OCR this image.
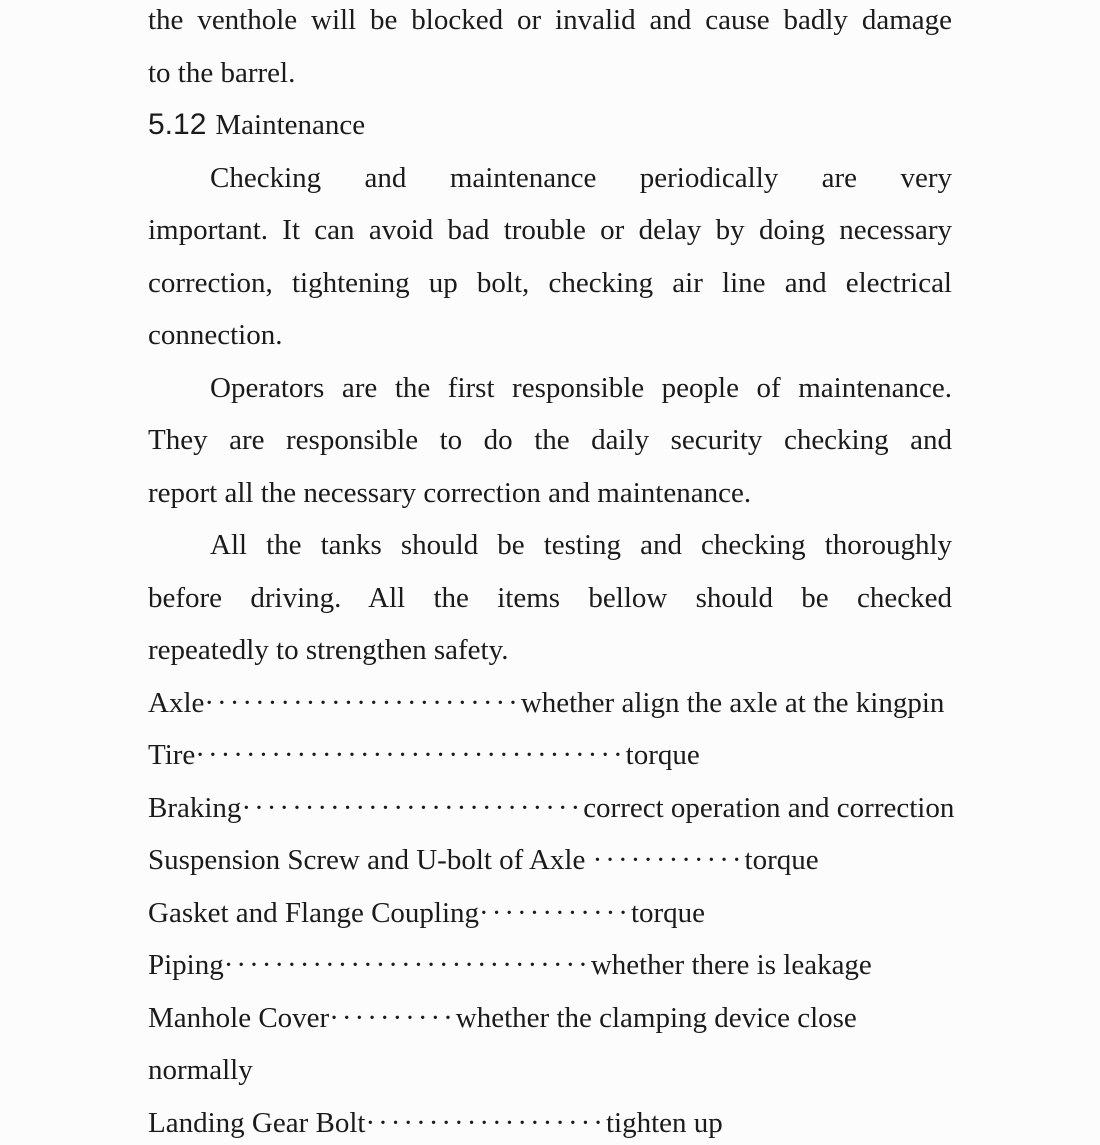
the venthole will be blocked or invalid and cause badly damage
to the barrel.
5.12 Maintenance
Checking and maintenance periodically are very
important. It can avoid bad trouble or delay by doing necessary
correction, tightening up bolt, checking air line and electrical
connection.
Operators are the first responsible people of maintenance.
They are responsible to do the daily security checking and
report all the necessary correction and maintenance.
All the tanks should be testing and checking thoroughly
before driving. All the items bellow should be checked
repeatedly to strengthen safety.
Axle·························whether align the axle at the kingpin
Tire··································torque
Braking···························correct operation and correction
Suspension Screw and U-bolt of Axle ············torque
Gasket and Flange Coupling············torque
Piping·····························whether there is leakage
Manhole Cover··········whether the clamping device close
normally
Landing Gear Bolt···················tighten up
